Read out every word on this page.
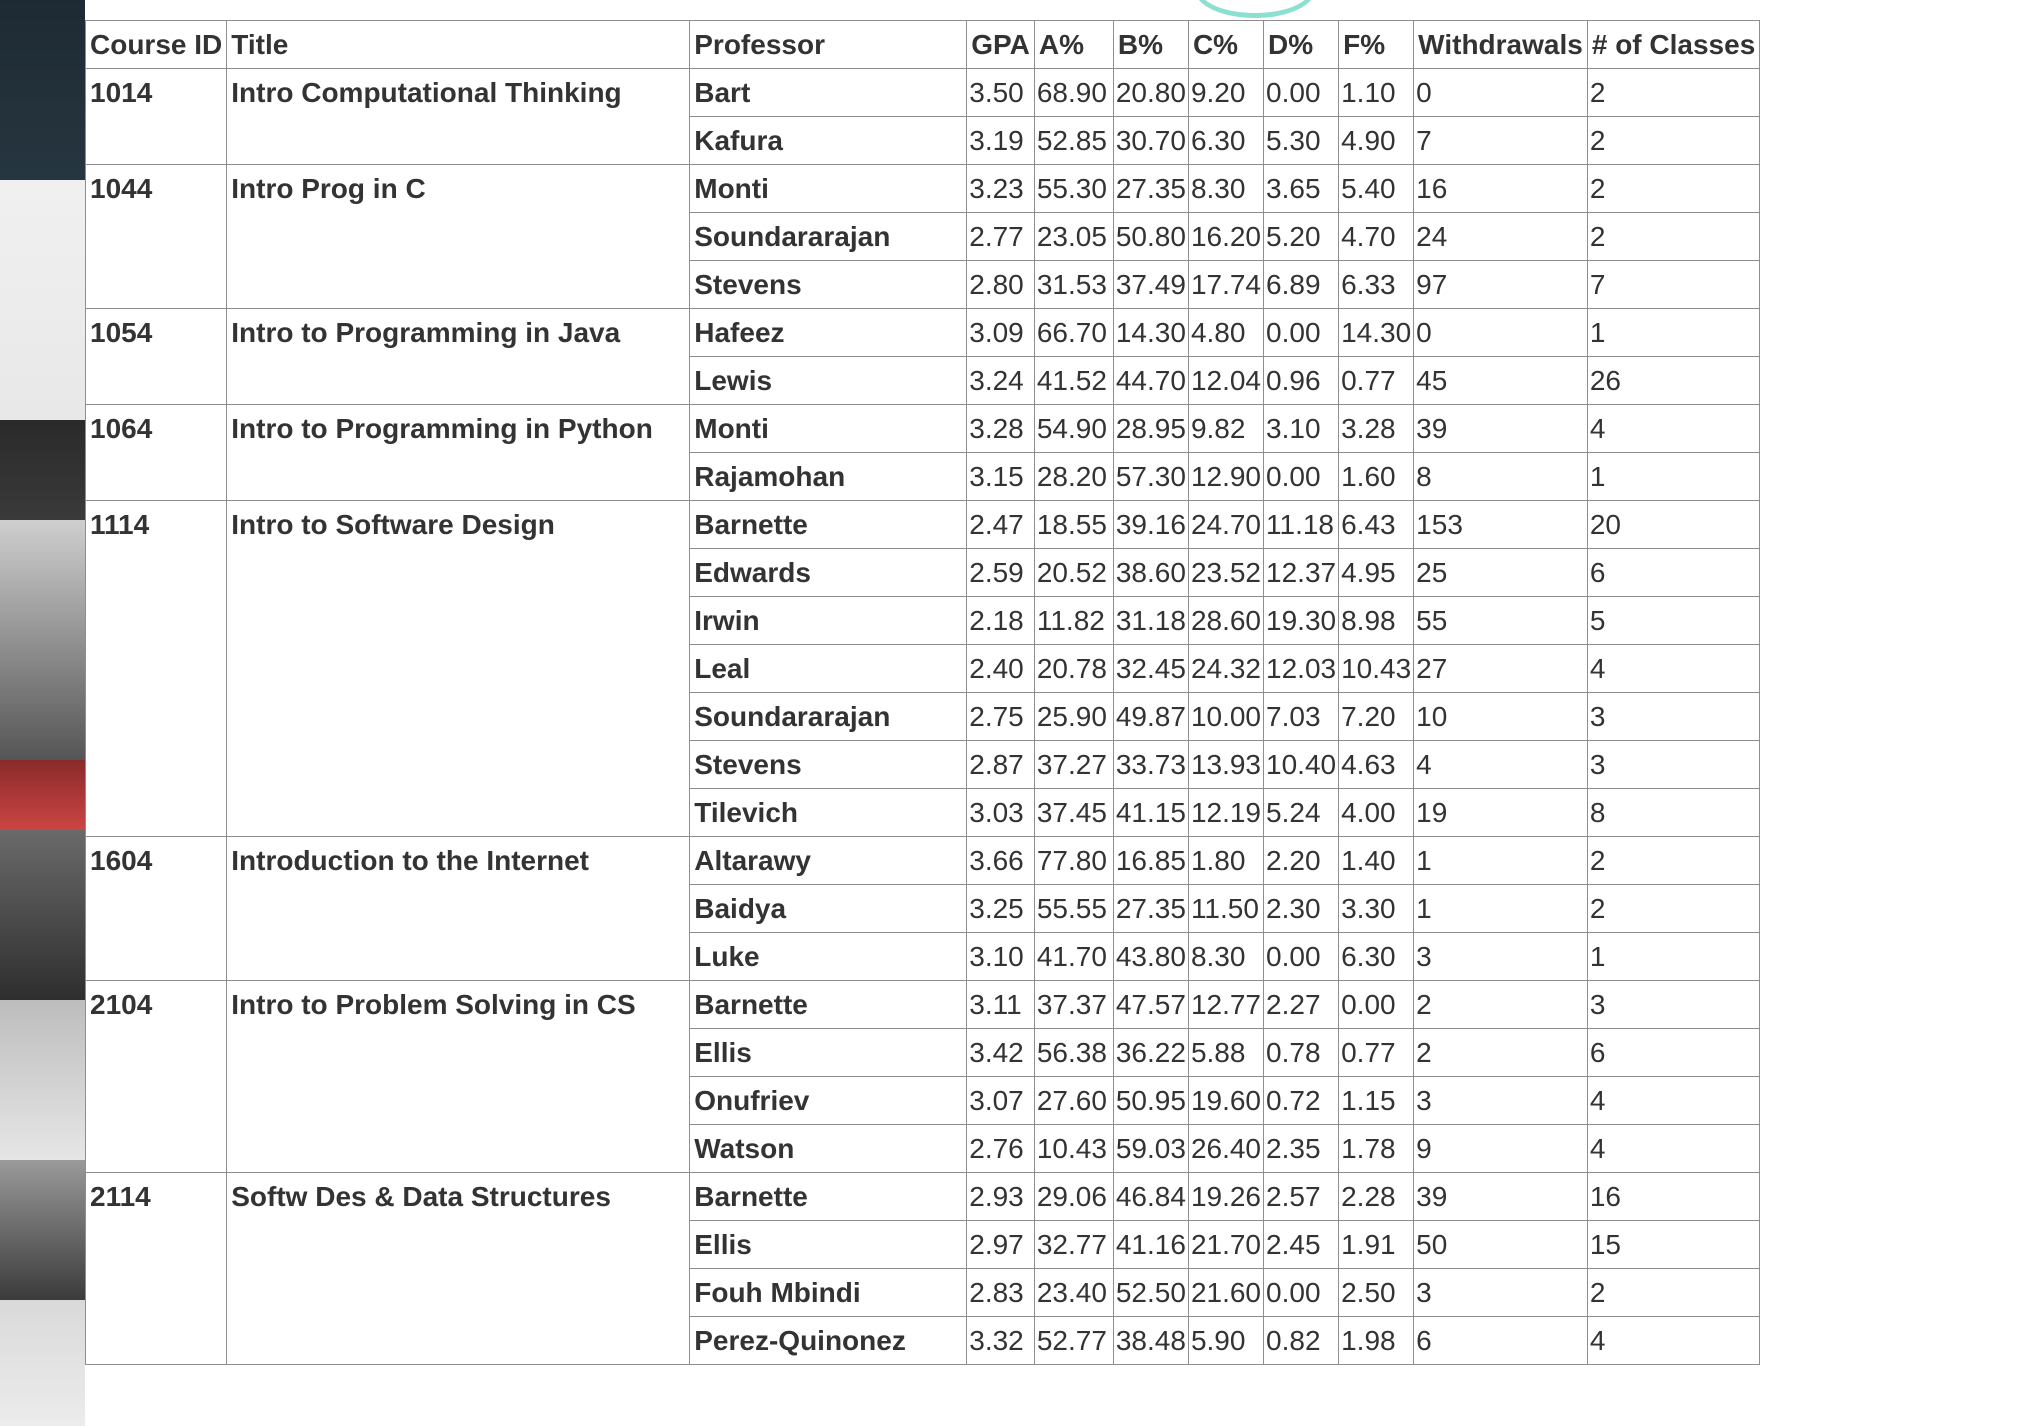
Course ID	Title	Professor	GPA	A%	B%	C%	D%	F%	Withdrawals	# of Classes
1014	Intro Computational Thinking	Bart	3.50	68.90	20.80	9.20	0.00	1.10	0	2
		Kafura	3.19	52.85	30.70	6.30	5.30	4.90	7	2
1044	Intro Prog in C	Monti	3.23	55.30	27.35	8.30	3.65	5.40	16	2
		Soundararajan	2.77	23.05	50.80	16.20	5.20	4.70	24	2
		Stevens	2.80	31.53	37.49	17.74	6.89	6.33	97	7
1054	Intro to Programming in Java	Hafeez	3.09	66.70	14.30	4.80	0.00	14.30	0	1
		Lewis	3.24	41.52	44.70	12.04	0.96	0.77	45	26
1064	Intro to Programming in Python	Monti	3.28	54.90	28.95	9.82	3.10	3.28	39	4
		Rajamohan	3.15	28.20	57.30	12.90	0.00	1.60	8	1
1114	Intro to Software Design	Barnette	2.47	18.55	39.16	24.70	11.18	6.43	153	20
		Edwards	2.59	20.52	38.60	23.52	12.37	4.95	25	6
		Irwin	2.18	11.82	31.18	28.60	19.30	8.98	55	5
		Leal	2.40	20.78	32.45	24.32	12.03	10.43	27	4
		Soundararajan	2.75	25.90	49.87	10.00	7.03	7.20	10	3
		Stevens	2.87	37.27	33.73	13.93	10.40	4.63	4	3
		Tilevich	3.03	37.45	41.15	12.19	5.24	4.00	19	8
1604	Introduction to the Internet	Altarawy	3.66	77.80	16.85	1.80	2.20	1.40	1	2
		Baidya	3.25	55.55	27.35	11.50	2.30	3.30	1	2
		Luke	3.10	41.70	43.80	8.30	0.00	6.30	3	1
2104	Intro to Problem Solving in CS	Barnette	3.11	37.37	47.57	12.77	2.27	0.00	2	3
		Ellis	3.42	56.38	36.22	5.88	0.78	0.77	2	6
		Onufriev	3.07	27.60	50.95	19.60	0.72	1.15	3	4
		Watson	2.76	10.43	59.03	26.40	2.35	1.78	9	4
2114	Softw Des & Data Structures	Barnette	2.93	29.06	46.84	19.26	2.57	2.28	39	16
		Ellis	2.97	32.77	41.16	21.70	2.45	1.91	50	15
		Fouh Mbindi	2.83	23.40	52.50	21.60	0.00	2.50	3	2
		Perez-Quinonez	3.32	52.77	38.48	5.90	0.82	1.98	6	4
